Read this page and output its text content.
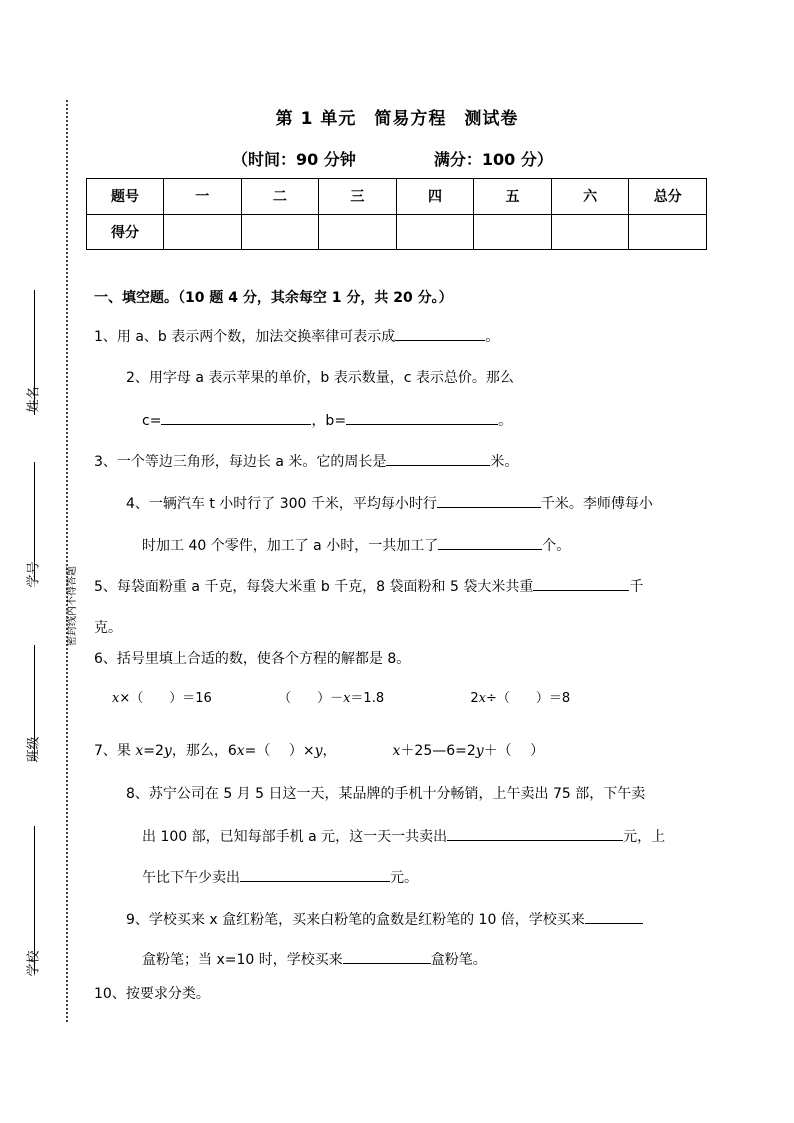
密封线内不得答题
姓名
学号
班级
学校
第 1 单元　简易方程　测试卷
（时间：90 分钟	满分：100 分）
题号	一	二	三	四	五	六	总分
得分							
一、填空题。（10 题 4 分，其余每空 1 分，共 20 分。）
1、用 a、b 表示两个数，加法交换率律可表示成	。
2、用字母 a 表示苹果的单价，b 表示数量，c 表示总价。那么
c=	，b=	。
3、一个等边三角形，每边长 a 米。它的周长是	米。
4、一辆汽车 t 小时行了 300 千米，平均每小时行	千米。李师傅每小
时加工 40 个零件，加工了 a 小时，一共加工了	个。
5、每袋面粉重 a 千克，每袋大米重 b 千克，8 袋面粉和 5 袋大米共重	千
克。
6、括号里填上合适的数，使各个方程的解都是 8。
x×（　　）＝16	（　　）－x＝1.8	2x÷（　　）＝8
7、果 x=2y，那么，6x=（　 ）×y，	x＋25—6=2y＋（　 ）
8、苏宁公司在 5 月 5 日这一天，某品牌的手机十分畅销，上午卖出 75 部，下午卖
出 100 部，已知每部手机 a 元，这一天一共卖出	元，上
午比下午少卖出	元。
9、学校买来 x 盒红粉笔，买来白粉笔的盒数是红粉笔的 10 倍，学校买来
盒粉笔；当 x=10 时，学校买来	盒粉笔。
10、按要求分类。
